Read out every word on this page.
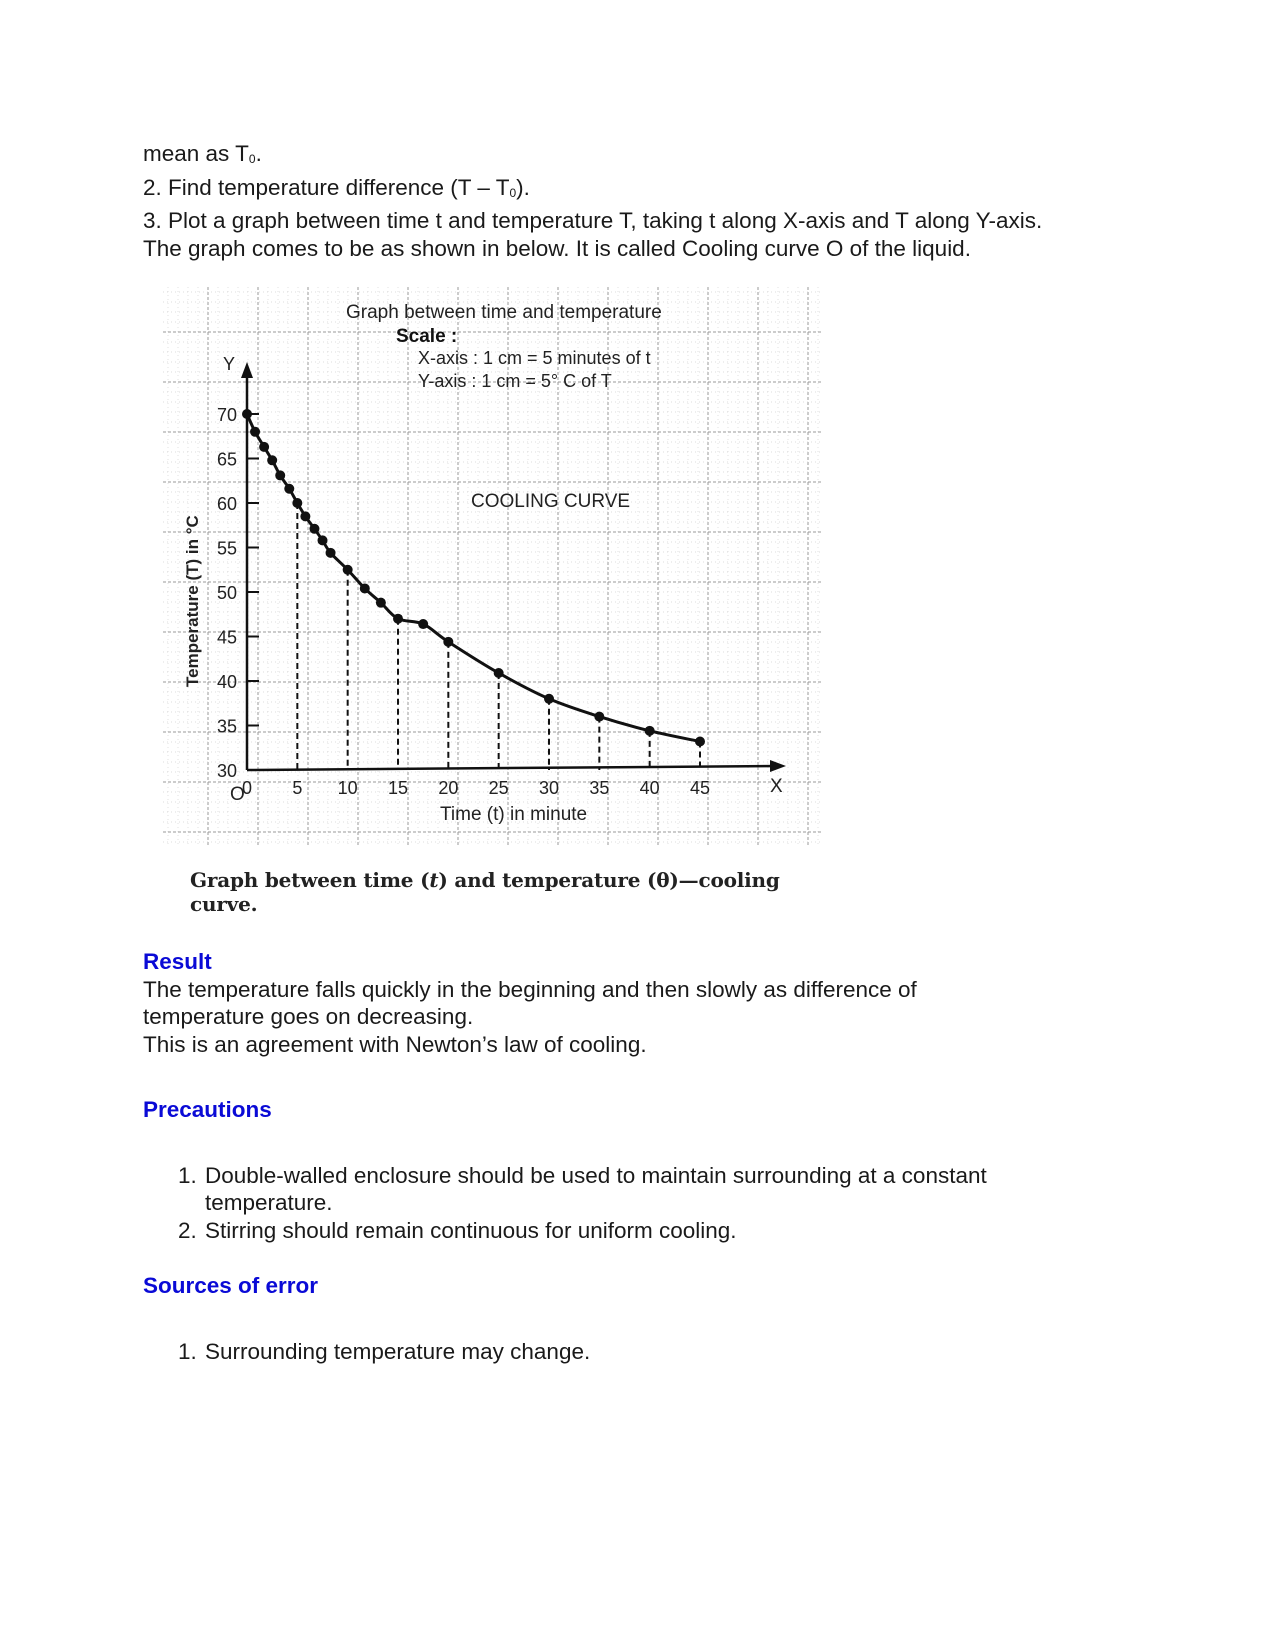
mean as $T_0$.

2. Find temperature difference $(T - T_0)$.

3. Plot a graph between time t and temperature T, taking t along X-axis and T along Y-axis. The graph comes to be as shown in below. It is called Cooling curve O of the liquid.

30
35
40
45
50
55
60
65
70
0 5 10 15 20 25 30 35 40 45
Graph between time and temperature
Scale :
X-axis : 1 cm = 5 minutes of t
Y-axis : 1 cm = 5° C of T
COOLING CURVE
Time (t) in minute
Temperature (T) in °C
Y
X
O
Graph between time (t) and temperature (θ)—cooling curve.

Result

The temperature falls quickly in the beginning and then slowly as difference of temperature goes on decreasing.

This is an agreement with Newton’s law of cooling.

Precautions

1. Double-walled enclosure should be used to maintain surrounding at a constant temperature.
2. Stirring should remain continuous for uniform cooling.

Sources of error

1. Surrounding temperature may change.
